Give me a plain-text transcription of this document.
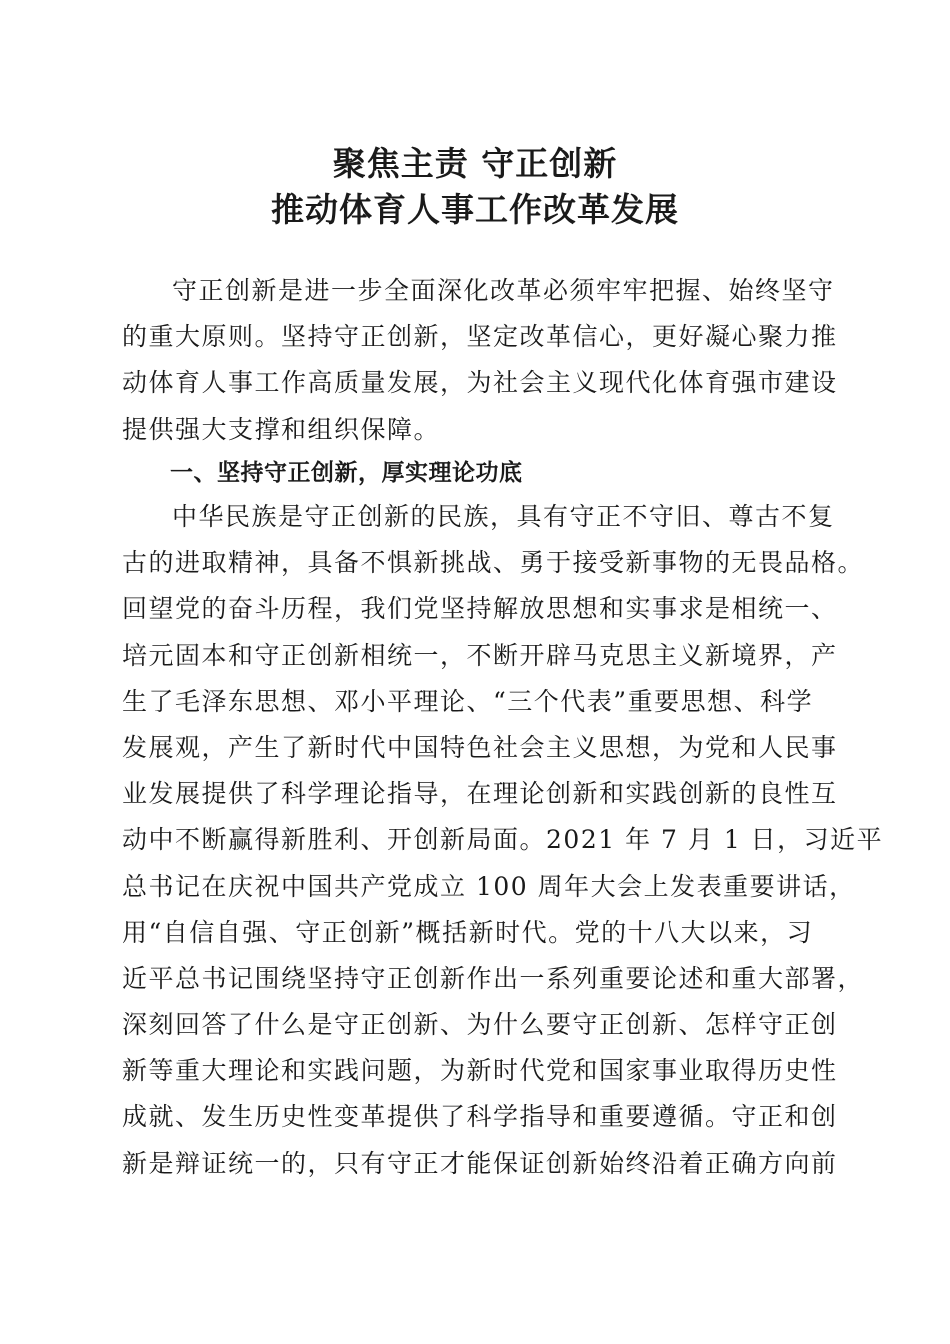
聚焦主责 守正创新
推动体育人事工作改革发展
守正创新是进一步全面深化改革必须牢牢把握、始终坚守
的重大原则。坚持守正创新，坚定改革信心，更好凝心聚力推
动体育人事工作高质量发展，为社会主义现代化体育强市建设
提供强大支撑和组织保障。
一、坚持守正创新，厚实理论功底
中华民族是守正创新的民族，具有守正不守旧、尊古不复
古的进取精神，具备不惧新挑战、勇于接受新事物的无畏品格。
回望党的奋斗历程，我们党坚持解放思想和实事求是相统一、
培元固本和守正创新相统一，不断开辟马克思主义新境界，产
生了毛泽东思想、邓小平理论、“三个代表”重要思想、科学
发展观，产生了新时代中国特色社会主义思想，为党和人民事
业发展提供了科学理论指导，在理论创新和实践创新的良性互
动中不断赢得新胜利、开创新局面。2021 年 7 月 1 日，习近平
总书记在庆祝中国共产党成立 100 周年大会上发表重要讲话，
用“自信自强、守正创新”概括新时代。党的十八大以来，习
近平总书记围绕坚持守正创新作出一系列重要论述和重大部署，
深刻回答了什么是守正创新、为什么要守正创新、怎样守正创
新等重大理论和实践问题，为新时代党和国家事业取得历史性
成就、发生历史性变革提供了科学指导和重要遵循。守正和创
新是辩证统一的，只有守正才能保证创新始终沿着正确方向前
